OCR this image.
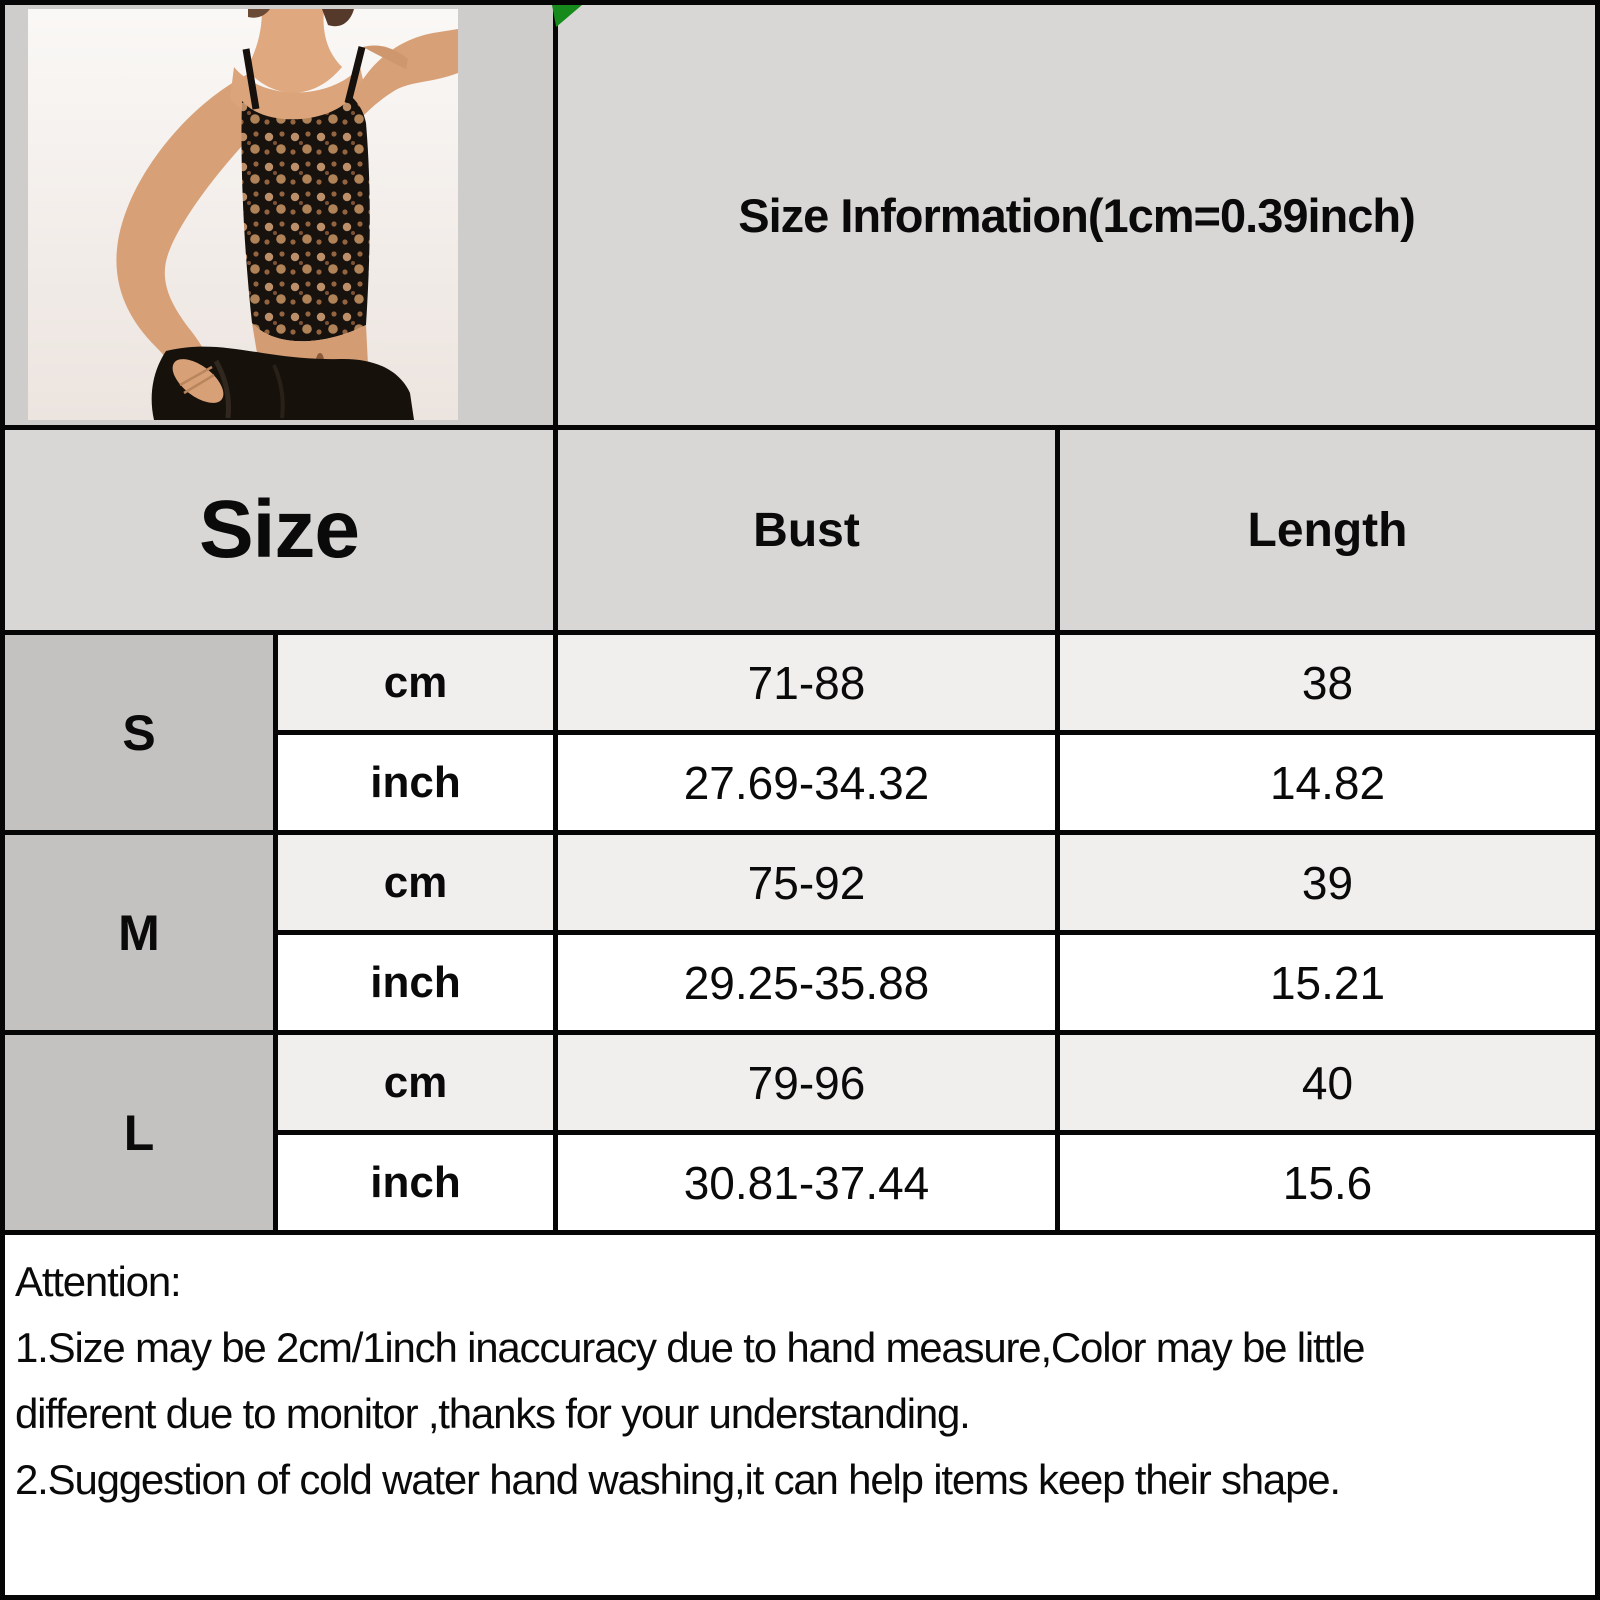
Size Information(1cm=0.39inch)
Size	Bust	Length
S
cm	71-88	38
inch	27.69-34.32	14.82
M
cm	75-92	39
inch	29.25-35.88	15.21
L
cm	79-96	40
inch	30.81-37.44	15.6
Attention:
1.Size may be 2cm/1inch inaccuracy due to hand measure,Color may be little
different due to monitor ,thanks for your understanding.
2.Suggestion of cold water hand washing,it can help items keep their shape.
